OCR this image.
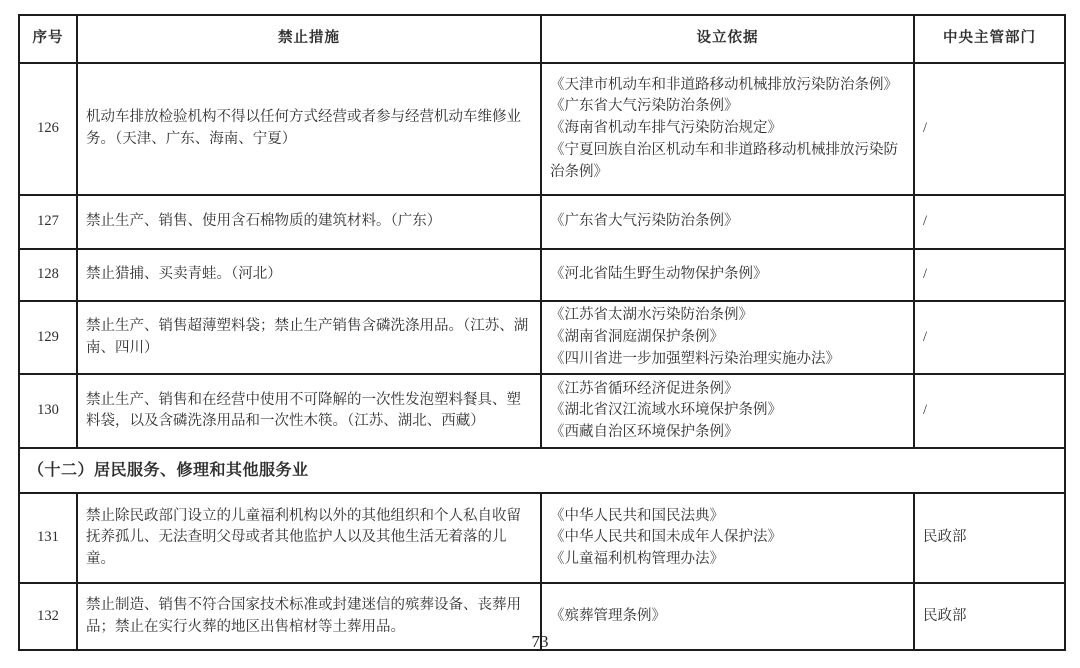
序号	禁止措施	设立依据	中央主管部门
126	机动车排放检验机构不得以任何方式经营或者参与经营机动车维修业务。（天津、广东、海南、宁夏）	《天津市机动车和非道路移动机械排放污染防治条例》
《广东省大气污染防治条例》
《海南省机动车排气污染防治规定》
《宁夏回族自治区机动车和非道路移动机械排放污染防治条例》	/
127	禁止生产、销售、使用含石棉物质的建筑材料。（广东）	《广东省大气污染防治条例》	/
128	禁止猎捕、买卖青蛙。（河北）	《河北省陆生野生动物保护条例》	/
129	禁止生产、销售超薄塑料袋；禁止生产销售含磷洗涤用品。（江苏、湖南、四川）	《江苏省太湖水污染防治条例》
《湖南省洞庭湖保护条例》
《四川省进一步加强塑料污染治理实施办法》	/
130	禁止生产、销售和在经营中使用不可降解的一次性发泡塑料餐具、塑料袋，以及含磷洗涤用品和一次性木筷。（江苏、湖北、西藏）	《江苏省循环经济促进条例》
《湖北省汉江流域水环境保护条例》
《西藏自治区环境保护条例》	/
（十二）居民服务、修理和其他服务业			
131	禁止除民政部门设立的儿童福利机构以外的其他组织和个人私自收留抚养孤儿、无法查明父母或者其他监护人以及其他生活无着落的儿童。	《中华人民共和国民法典》
《中华人民共和国未成年人保护法》
《儿童福利机构管理办法》	民政部
132	禁止制造、销售不符合国家技术标准或封建迷信的殡葬设备、丧葬用品；禁止在实行火葬的地区出售棺材等土葬用品。	《殡葬管理条例》	民政部
73
